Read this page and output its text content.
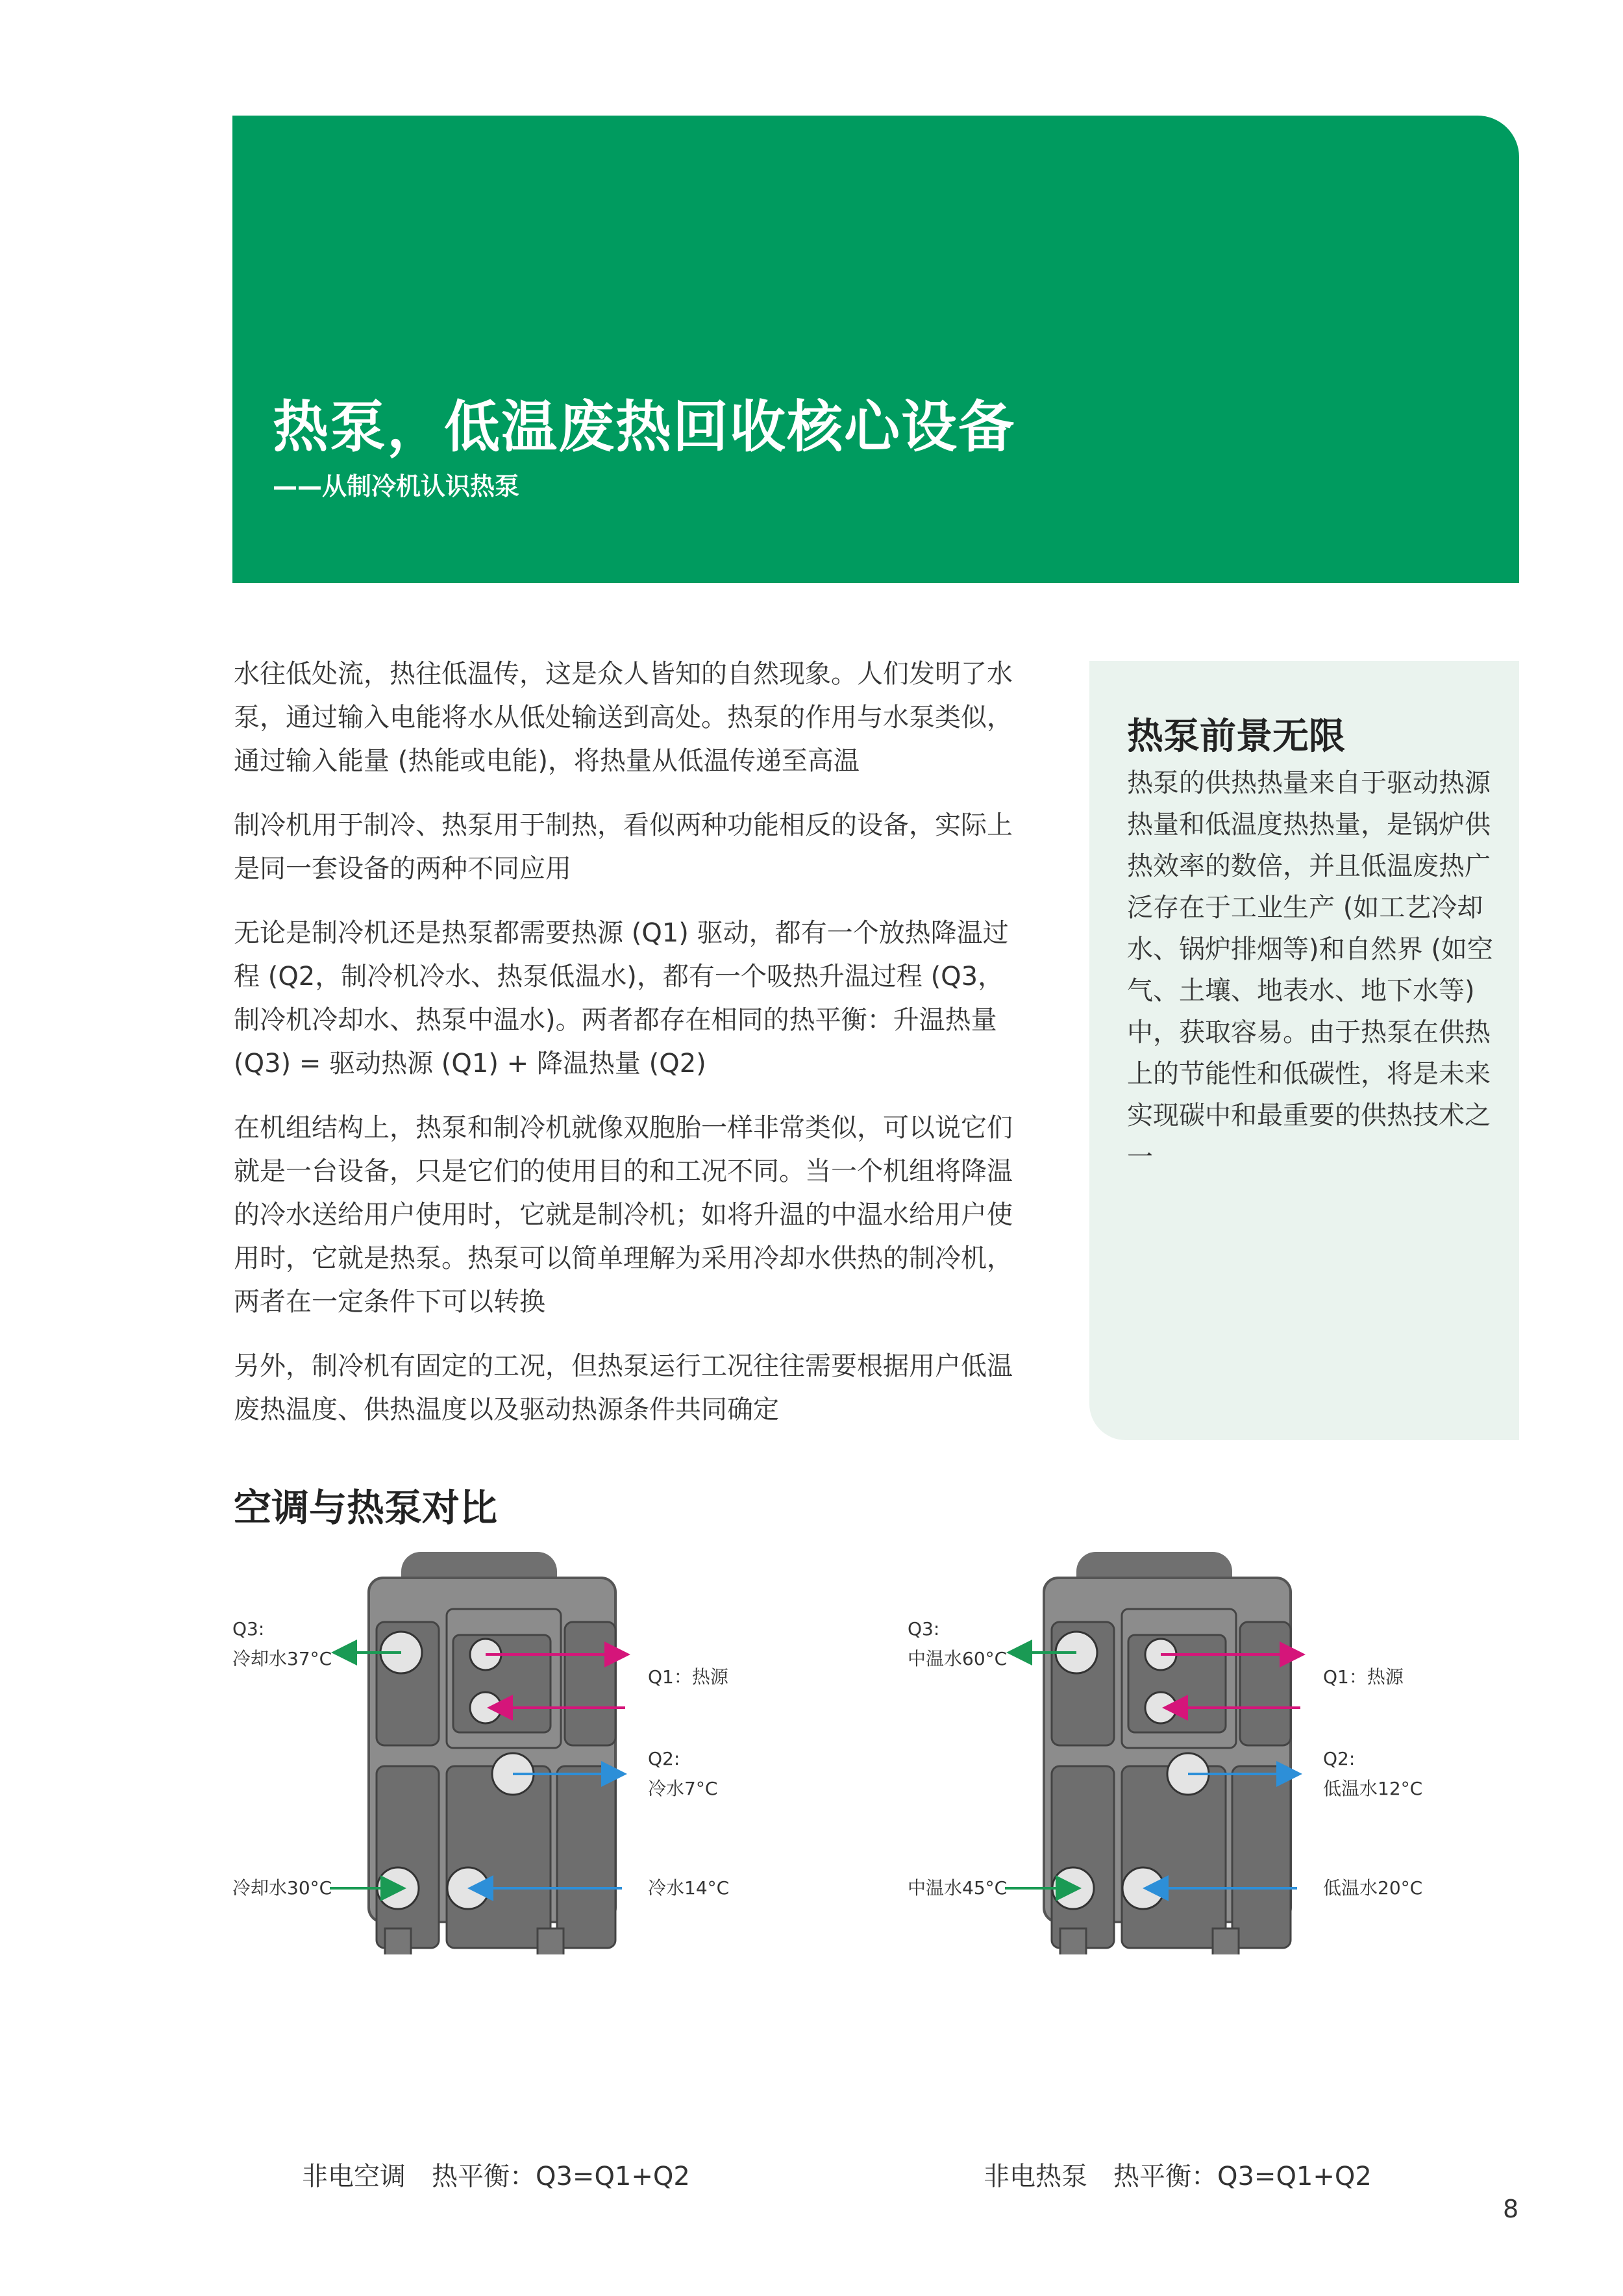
热泵，低温废热回收核心设备
——从制冷机认识热泵

水往低处流，热往低温传，这是众人皆知的自然现象。人们发明了水泵，通过输入电能将水从低处输送到高处。热泵的作用与水泵类似，通过输入能量 (热能或电能)，将热量从低温传递至高温

制冷机用于制冷、热泵用于制热，看似两种功能相反的设备，实际上是同一套设备的两种不同应用

无论是制冷机还是热泵都需要热源 (Q1) 驱动，都有一个放热降温过程 (Q2，制冷机冷水、热泵低温水)，都有一个吸热升温过程 (Q3，制冷机冷却水、热泵中温水)。两者都存在相同的热平衡：升温热量 (Q3) = 驱动热源 (Q1) + 降温热量 (Q2)

在机组结构上，热泵和制冷机就像双胞胎一样非常类似，可以说它们就是一台设备，只是它们的使用目的和工况不同。当一个机组将降温的冷水送给用户使用时，它就是制冷机；如将升温的中温水给用户使用时，它就是热泵。热泵可以简单理解为采用冷却水供热的制冷机，两者在一定条件下可以转换

另外，制冷机有固定的工况，但热泵运行工况往往需要根据用户低温废热温度、供热温度以及驱动热源条件共同确定

热泵前景无限

热泵的供热热量来自于驱动热源热量和低温度热热量，是锅炉供热效率的数倍，并且低温废热广泛存在于工业生产 (如工艺冷却水、锅炉排烟等)和自然界 (如空气、土壤、地表水、地下水等)中，获取容易。由于热泵在供热上的节能性和低碳性，将是未来实现碳中和最重要的供热技术之一

空调与热泵对比
Q3:
冷却水37°C
Q1：热源
Q2:
冷水7°C
冷却水30°C	冷水14°C
Q3:
中温水60°C
Q1：热源
Q2:
低温水12°C
中温水45°C	低温水20°C
非电空调 热平衡：Q3=Q1+Q2	非电热泵 热平衡：Q3=Q1+Q2
8
